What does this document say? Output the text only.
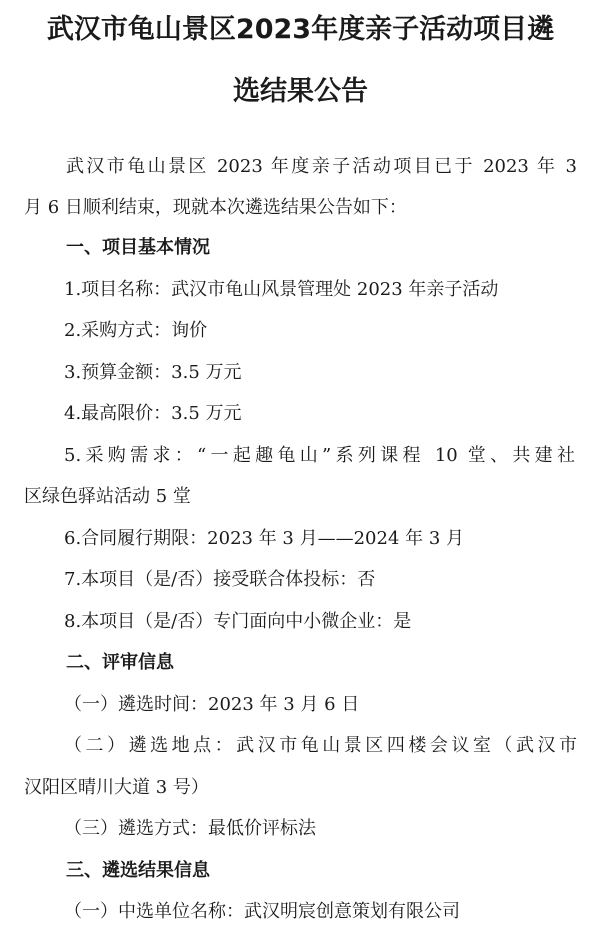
武汉市龟山景区2023年度亲子活动项目遴
选结果公告
武汉市龟山景区 2023 年度亲子活动项目已于 2023 年 3
月 6 日顺利结束，现就本次遴选结果公告如下：
一、项目基本情况
1.项目名称：武汉市龟山风景管理处 2023 年亲子活动
2.采购方式：询价
3.预算金额：3.5 万元
4.最高限价：3.5 万元
5.采购需求：“一起趣龟山”系列课程 10 堂、共建社
区绿色驿站活动 5 堂
6.合同履行期限：2023 年 3 月——2024 年 3 月
7.本项目（是/否）接受联合体投标：否
8.本项目（是/否）专门面向中小微企业：是
二、评审信息
（一）遴选时间：2023 年 3 月 6 日
（二）遴选地点：武汉市龟山景区四楼会议室（武汉市
汉阳区晴川大道 3 号）
（三）遴选方式：最低价评标法
三、遴选结果信息
（一）中选单位名称：武汉明宸创意策划有限公司
